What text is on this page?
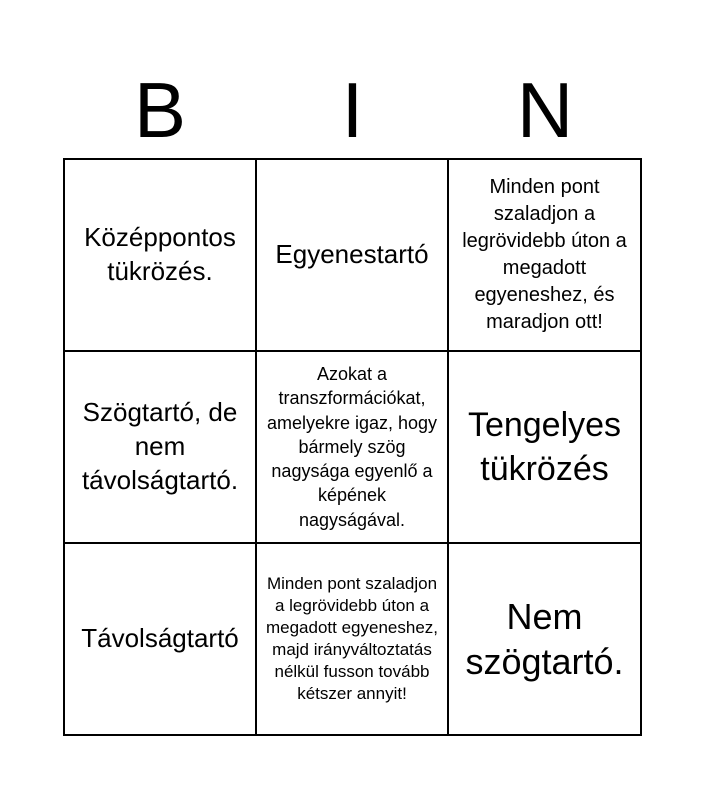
B	I	N
Középpontos tükrözés.
Egyenestartó
Minden pont szaladjon a legrövidebb úton a megadott egyeneshez, és maradjon ott!
Szögtartó, de nem távolságtartó.
Azokat a transzformációkat, amelyekre igaz, hogy bármely szög nagysága egyenlő a képének nagyságával.
Tengelyes tükrözés
Távolságtartó
Minden pont szaladjon a legrövidebb úton a megadott egyeneshez, majd irányváltoztatás nélkül fusson tovább kétszer annyit!
Nem szögtartó.
